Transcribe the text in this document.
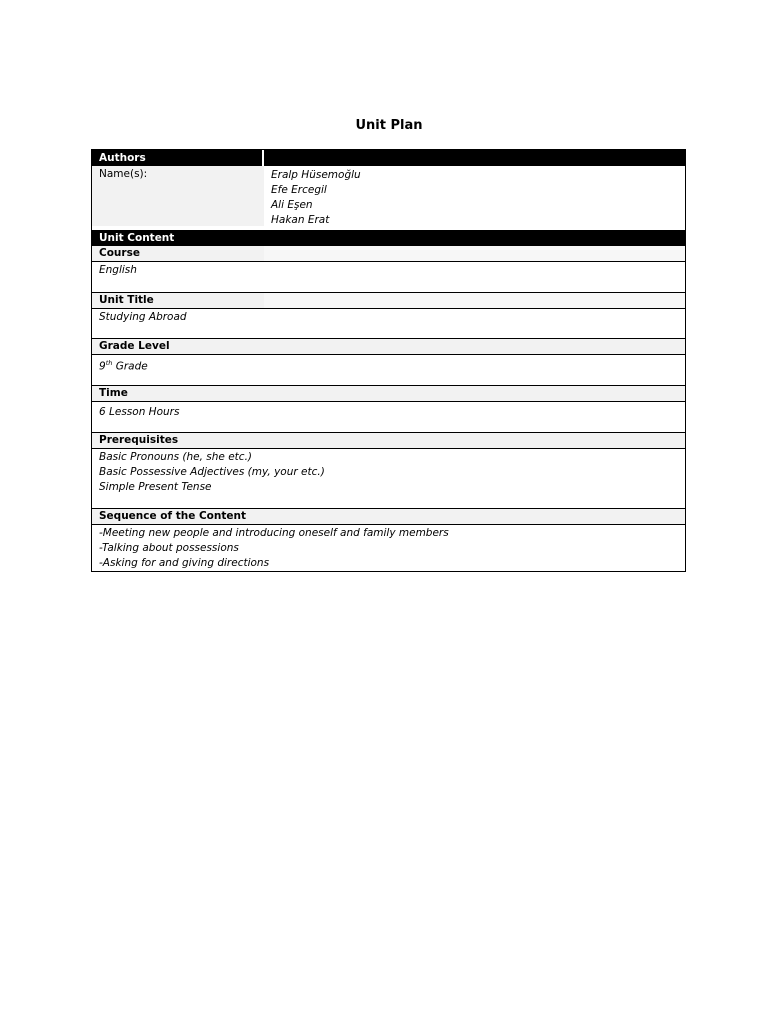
Unit Plan
Authors
Name(s):	Eralp Hüsemoğlu
Efe Ercegil
Ali Eşen
Hakan Erat
Unit Content
Course
English
Unit Title
Studying Abroad
Grade Level
9th Grade
Time
6 Lesson Hours
Prerequisites
Basic Pronouns (he, she etc.)
Basic Possessive Adjectives (my, your etc.)
Simple Present Tense
Sequence of the Content
-Meeting new people and introducing oneself and family members
-Talking about possessions
-Asking for and giving directions
